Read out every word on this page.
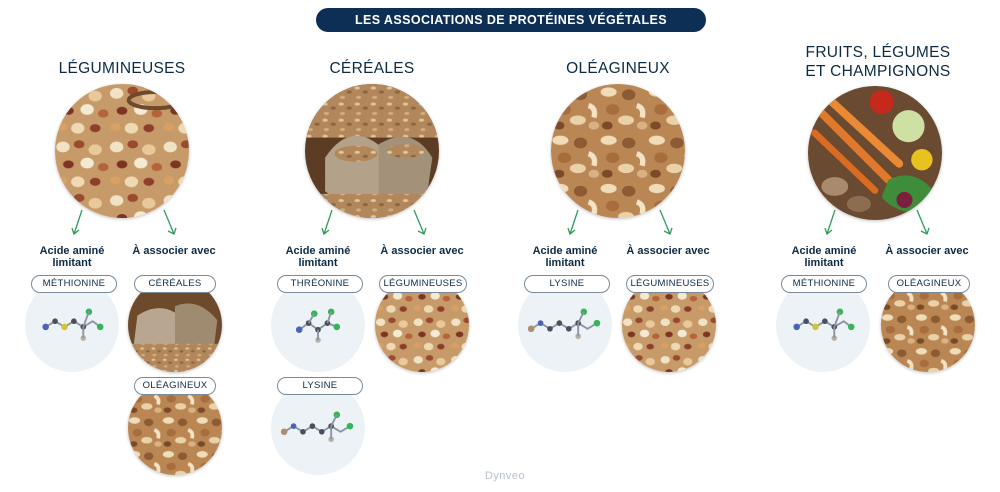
LES ASSOCIATIONS DE PROTÉINES VÉGÉTALES
LÉGUMINEUSES
Acide aminé limitant
À associer avec
MÉTHIONINE	CÉRÉALES
OLÉAGINEUX
CÉRÉALES
Acide aminé limitant
À associer avec
THRÉONINE
LYSINE
LÉGUMINEUSES
OLÉAGINEUX
Acide aminé limitant
À associer avec
LYSINE	LÉGUMINEUSES
FRUITS, LÉGUMES
ET CHAMPIGNONS
Acide aminé limitant
À associer avec
MÉTHIONINE	OLÉAGINEUX
Dynveo
